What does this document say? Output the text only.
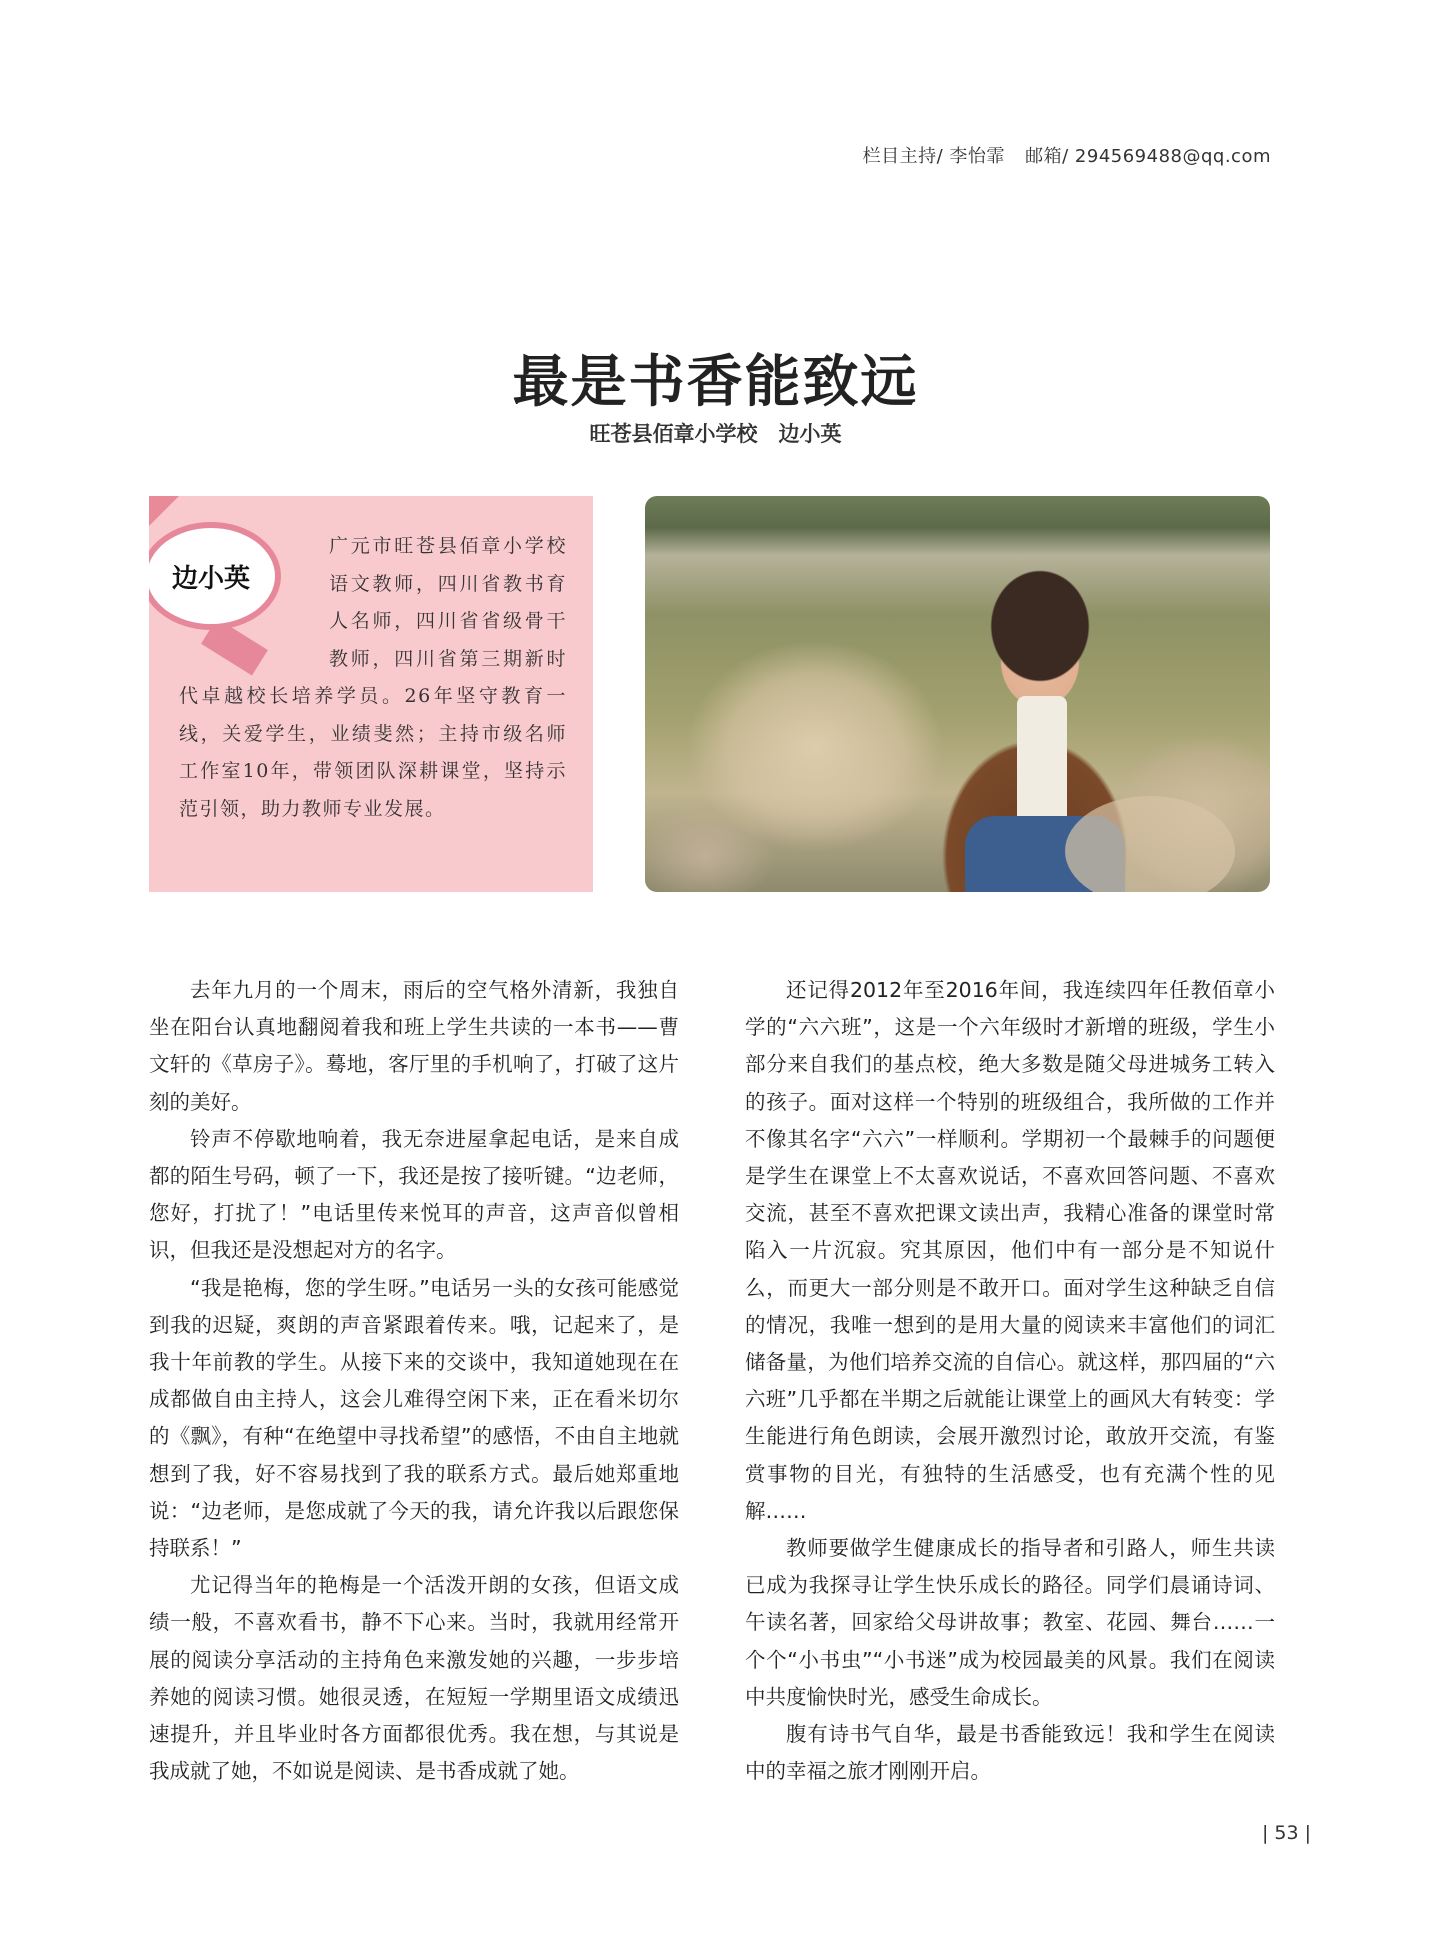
栏目主持/ 李怡霏 邮箱/ 294569488@qq.com
最是书香能致远
旺苍县佰章小学校　边小英
边小英
广元市旺苍县佰章小学校语文教师，四川省教书育人名师，四川省省级骨干教师，四川省第三期新时代卓越校长培养学员。26年坚守教育一线，关爱学生，业绩斐然；主持市级名师工作室10年，带领团队深耕课堂，坚持示范引领，助力教师专业发展。

去年九月的一个周末，雨后的空气格外清新，我独自坐在阳台认真地翻阅着我和班上学生共读的一本书——曹文轩的《草房子》。蓦地，客厅里的手机响了，打破了这片刻的美好。

铃声不停歇地响着，我无奈进屋拿起电话，是来自成都的陌生号码，顿了一下，我还是按了接听键。“边老师，您好，打扰了！”电话里传来悦耳的声音，这声音似曾相识，但我还是没想起对方的名字。

“我是艳梅，您的学生呀。”电话另一头的女孩可能感觉到我的迟疑，爽朗的声音紧跟着传来。哦，记起来了，是我十年前教的学生。从接下来的交谈中，我知道她现在在成都做自由主持人，这会儿难得空闲下来，正在看米切尔的《飘》，有种“在绝望中寻找希望”的感悟，不由自主地就想到了我，好不容易找到了我的联系方式。最后她郑重地说：“边老师，是您成就了今天的我，请允许我以后跟您保持联系！”

尤记得当年的艳梅是一个活泼开朗的女孩，但语文成绩一般，不喜欢看书，静不下心来。当时，我就用经常开展的阅读分享活动的主持角色来激发她的兴趣，一步步培养她的阅读习惯。她很灵透，在短短一学期里语文成绩迅速提升，并且毕业时各方面都很优秀。我在想，与其说是我成就了她，不如说是阅读、是书香成就了她。

还记得2012年至2016年间，我连续四年任教佰章小学的“六六班”，这是一个六年级时才新增的班级，学生小部分来自我们的基点校，绝大多数是随父母进城务工转入的孩子。面对这样一个特别的班级组合，我所做的工作并不像其名字“六六”一样顺利。学期初一个最棘手的问题便是学生在课堂上不太喜欢说话，不喜欢回答问题、不喜欢交流，甚至不喜欢把课文读出声，我精心准备的课堂时常陷入一片沉寂。究其原因，他们中有一部分是不知说什么，而更大一部分则是不敢开口。面对学生这种缺乏自信的情况，我唯一想到的是用大量的阅读来丰富他们的词汇储备量，为他们培养交流的自信心。就这样，那四届的“六六班”几乎都在半期之后就能让课堂上的画风大有转变：学生能进行角色朗读，会展开激烈讨论，敢放开交流，有鉴赏事物的目光，有独特的生活感受，也有充满个性的见解……

教师要做学生健康成长的指导者和引路人，师生共读已成为我探寻让学生快乐成长的路径。同学们晨诵诗词、午读名著，回家给父母讲故事；教室、花园、舞台……一个个“小书虫”“小书迷”成为校园最美的风景。我们在阅读中共度愉快时光，感受生命成长。

腹有诗书气自华，最是书香能致远！我和学生在阅读中的幸福之旅才刚刚开启。

| 53 |
